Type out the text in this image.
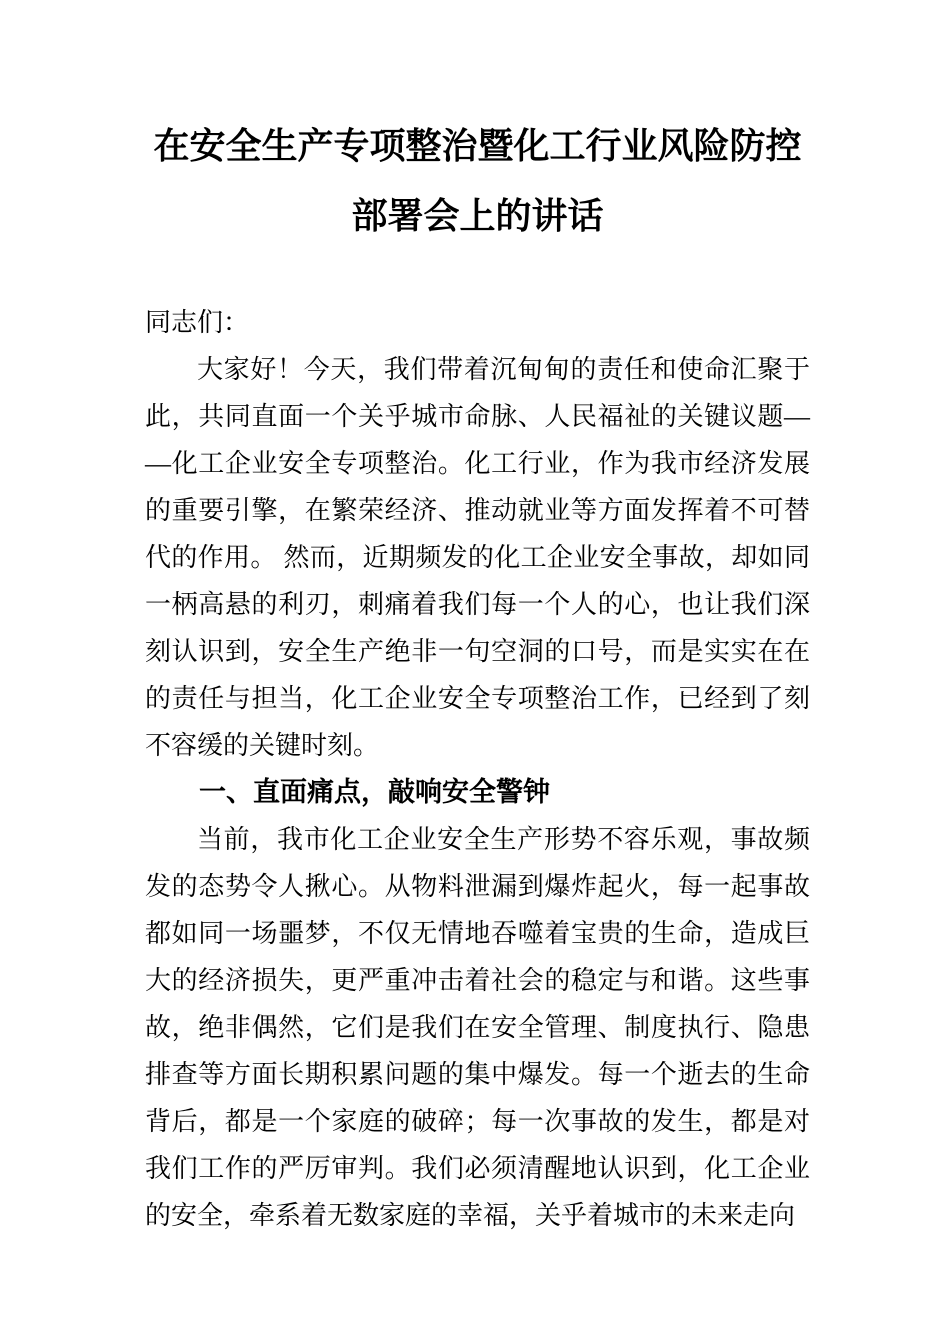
在安全生产专项整治暨化工行业风险防控
部署会上的讲话

同志们：

大家好！今天，我们带着沉甸甸的责任和使命汇聚于此，共同直面一个关乎城市命脉、人民福祉的关键议题—​—化工企业安全专项整治。化工行业，作为我市经济发展的重要引擎，在繁荣经济、推动就业等方面发挥着不可替代的作用。 然而，近期频发的化工企业安全事故，却如同一柄高悬的利刃，刺痛着我们每一个人的心，也让我们深刻认识到，安全生产绝非一句空洞的口号，而是实实在在的责任与担当，化工企业安全专项整治工作，已经到了刻不容缓的关键时刻。

一、直面痛点，敲响安全警钟

当前，我市化工企业安全生产形势不容乐观，事故频发的态势令人揪心。从物料泄漏到爆炸起火，每一起事故都如同一场噩梦，不仅无情地吞噬着宝贵的生命，造成巨大的经济损失，更严重冲击着社会的稳定与和谐。这些事故，绝非偶然，它们是我们在安全管理、制度执行、隐患排查等方面长期积累问题的集中爆发。每一个逝去的生命背后，都是一个家庭的破碎；每一次事故的发生，都是对我们工作的严厉审判。我们必须清醒地认识到，化工企业的安全，牵系着无数家庭的幸福，关乎着城市的未来走向
